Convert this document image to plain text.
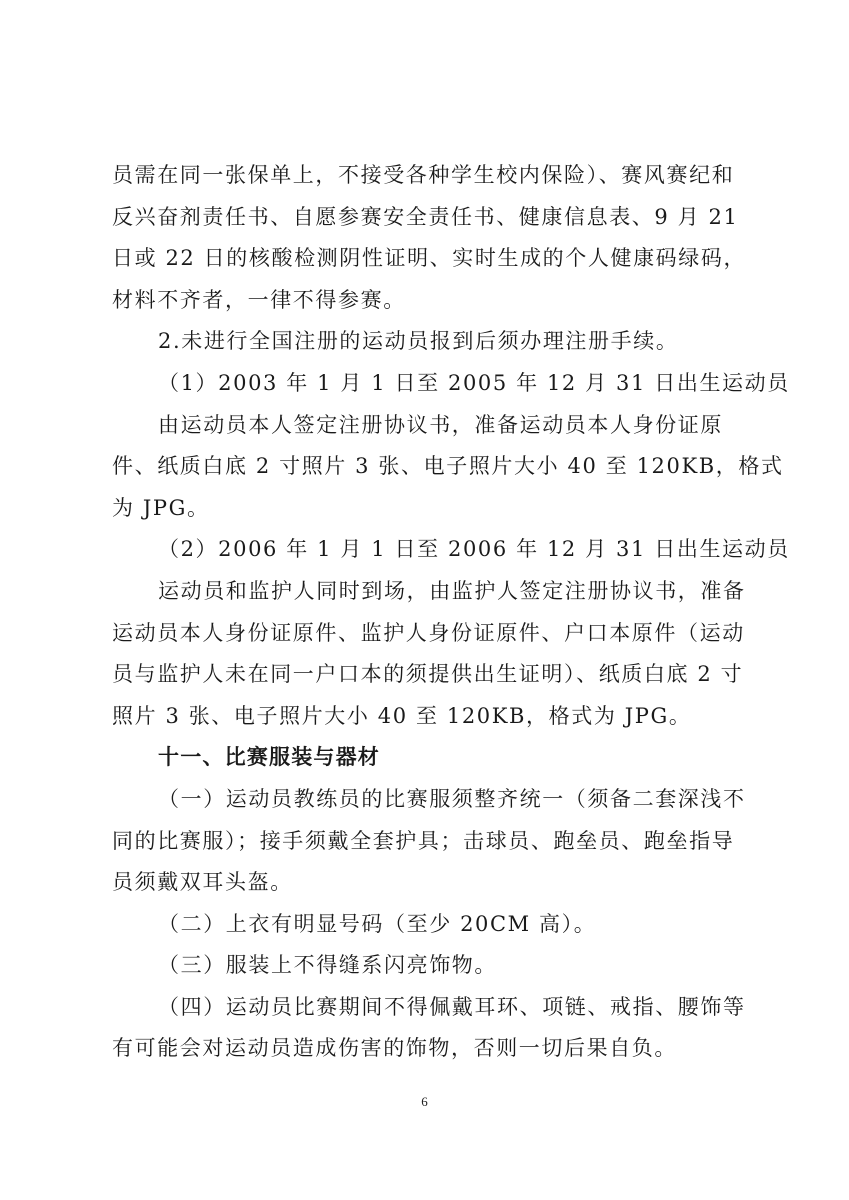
员需在同一张保单上，不接受各种学生校内保险）、赛风赛纪和
反兴奋剂责任书、自愿参赛安全责任书、健康信息表、9 月 21
日或 22 日的核酸检测阴性证明、实时生成的个人健康码绿码，
材料不齐者，一律不得参赛。
2.未进行全国注册的运动员报到后须办理注册手续。
（1）2003 年 1 月 1 日至 2005 年 12 月 31 日出生运动员
由运动员本人签定注册协议书，准备运动员本人身份证原
件、纸质白底 2 寸照片 3 张、电子照片大小 40 至 120KB，格式
为 JPG。
（2）2006 年 1 月 1 日至 2006 年 12 月 31 日出生运动员
运动员和监护人同时到场，由监护人签定注册协议书，准备
运动员本人身份证原件、监护人身份证原件、户口本原件（运动
员与监护人未在同一户口本的须提供出生证明）、纸质白底 2 寸
照片 3 张、电子照片大小 40 至 120KB，格式为 JPG。
十一、比赛服装与器材
（一）运动员教练员的比赛服须整齐统一（须备二套深浅不
同的比赛服）；接手须戴全套护具；击球员、跑垒员、跑垒指导
员须戴双耳头盔。
（二）上衣有明显号码（至少 20CM 高）。
（三）服装上不得缝系闪亮饰物。
（四）运动员比赛期间不得佩戴耳环、项链、戒指、腰饰等
有可能会对运动员造成伤害的饰物，否则一切后果自负。
6
